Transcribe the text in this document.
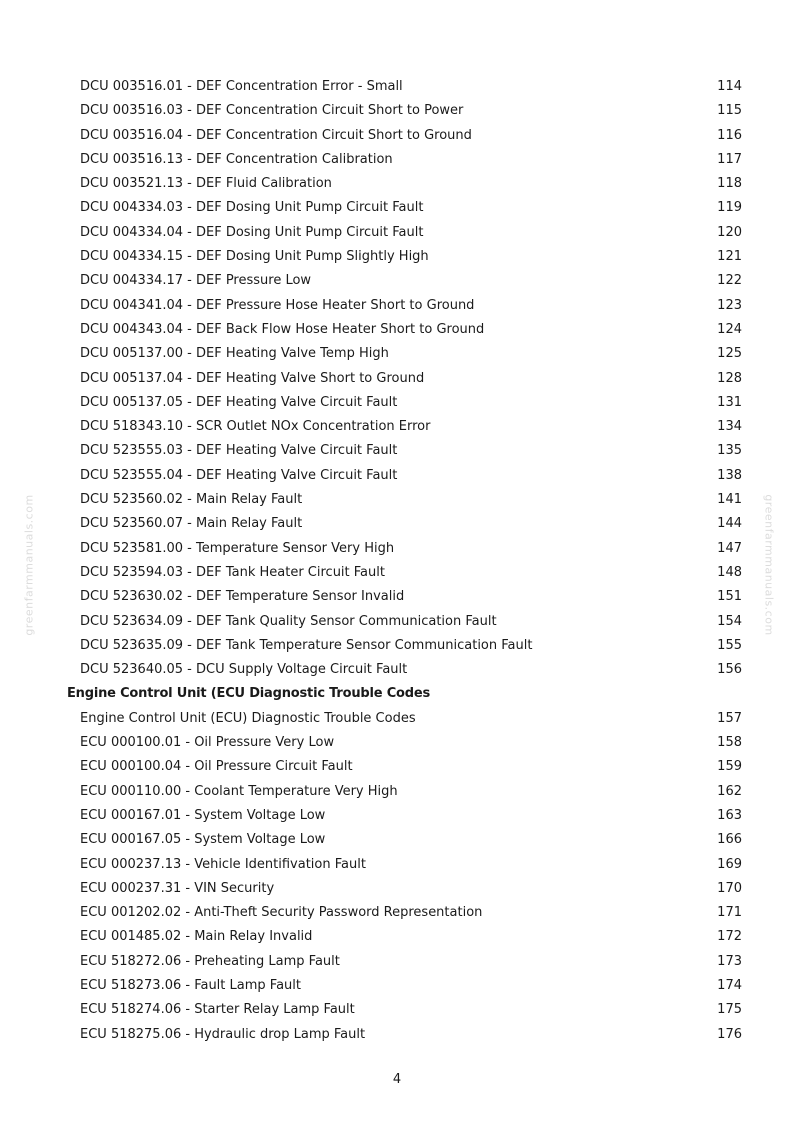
DCU 003516.01 - DEF Concentration Error - Small	114
DCU 003516.03 - DEF Concentration Circuit Short to Power	115
DCU 003516.04 - DEF Concentration Circuit Short to Ground	116
DCU 003516.13 - DEF Concentration Calibration	117
DCU 003521.13 - DEF Fluid Calibration	118
DCU 004334.03 - DEF Dosing Unit Pump Circuit Fault	119
DCU 004334.04 - DEF Dosing Unit Pump Circuit Fault	120
DCU 004334.15 - DEF Dosing Unit Pump Slightly High	121
DCU 004334.17 - DEF Pressure Low	122
DCU 004341.04 - DEF Pressure Hose Heater Short to Ground	123
DCU 004343.04 - DEF Back Flow Hose Heater Short to Ground	124
DCU 005137.00 - DEF Heating Valve Temp High	125
DCU 005137.04 - DEF Heating Valve Short to Ground	128
DCU 005137.05 - DEF Heating Valve Circuit Fault	131
DCU 518343.10 - SCR Outlet NOx Concentration Error	134
DCU 523555.03 - DEF Heating Valve Circuit Fault	135
DCU 523555.04 - DEF Heating Valve Circuit Fault	138
DCU 523560.02 - Main Relay Fault	141
DCU 523560.07 - Main Relay Fault	144
DCU 523581.00 - Temperature Sensor Very High	147
DCU 523594.03 - DEF Tank Heater Circuit Fault	148
DCU 523630.02 - DEF Temperature Sensor Invalid	151
DCU 523634.09 - DEF Tank Quality Sensor Communication Fault	154
DCU 523635.09 - DEF Tank Temperature Sensor Communication Fault	155
DCU 523640.05 - DCU Supply Voltage Circuit Fault	156
Engine Control Unit (ECU Diagnostic Trouble Codes
Engine Control Unit (ECU) Diagnostic Trouble Codes	157
ECU 000100.01 - Oil Pressure Very Low	158
ECU 000100.04 - Oil Pressure Circuit Fault	159
ECU 000110.00 - Coolant Temperature Very High	162
ECU 000167.01 - System Voltage Low	163
ECU 000167.05 - System Voltage Low	166
ECU 000237.13 - Vehicle Identifivation Fault	169
ECU 000237.31 - VIN Security	170
ECU 001202.02 - Anti-Theft Security Password Representation	171
ECU 001485.02 - Main Relay Invalid	172
ECU 518272.06 - Preheating Lamp Fault	173
ECU 518273.06 - Fault Lamp Fault	174
ECU 518274.06 - Starter Relay Lamp Fault	175
ECU 518275.06 - Hydraulic drop Lamp Fault	176
greenfarmmanuals.com	greenfarmmanuals.com
4
